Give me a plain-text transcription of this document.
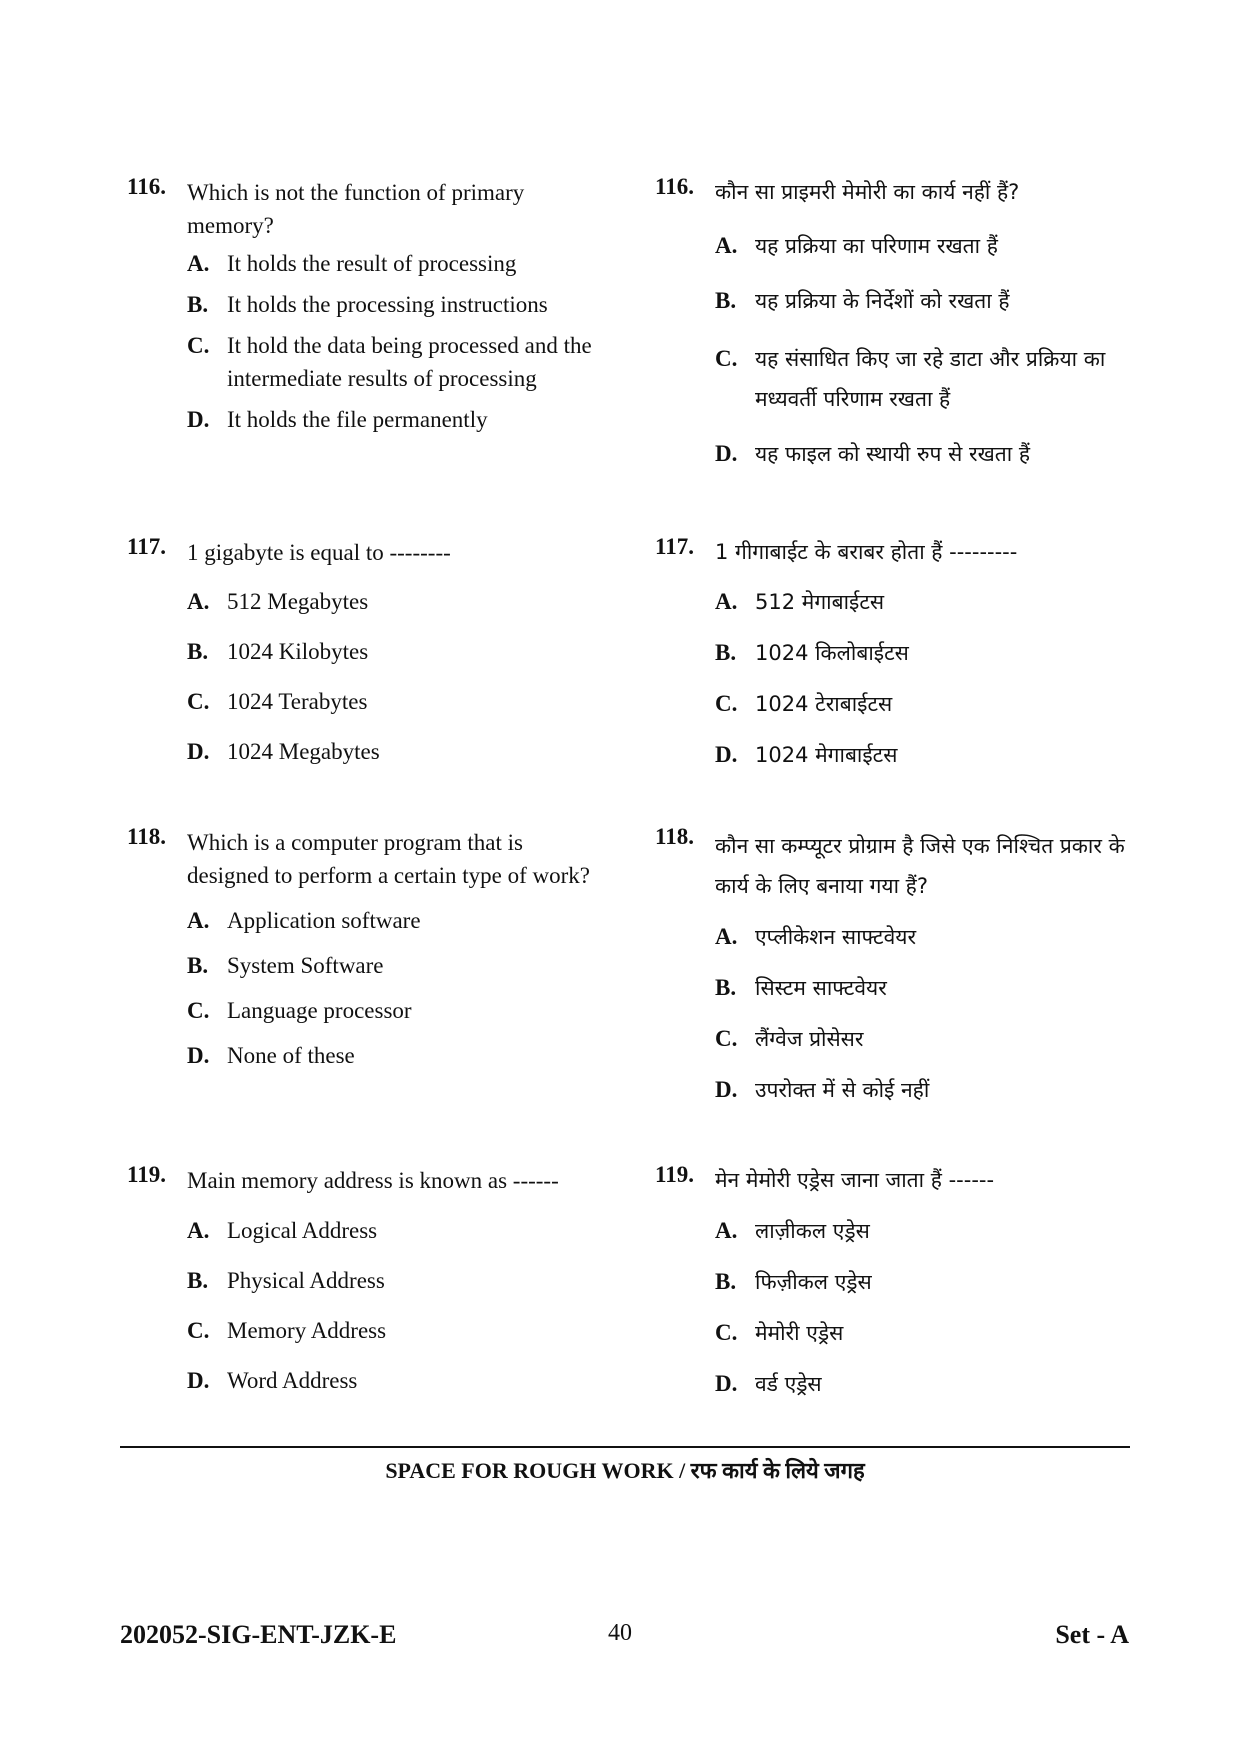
116. Which is not the function of primary memory?
A. It holds the result of processing
B. It holds the processing instructions
C. It hold the data being processed and the intermediate results of processing
D. It holds the file permanently
117. 1 gigabyte is equal to --------
A. 512 Megabytes
B. 1024 Kilobytes
C. 1024 Terabytes
D. 1024 Megabytes
118. Which is a computer program that is designed to perform a certain type of work?
A. Application software
B. System Software
C. Language processor
D. None of these
119. Main memory address is known as ------
A. Logical Address
B. Physical Address
C. Memory Address
D. Word Address
116. कौन सा प्राइमरी मेमोरी का कार्य नहीं हैं?
A. यह प्रक्रिया का परिणाम रखता हैं
B. यह प्रक्रिया के निर्देशों को रखता हैं
C. यह संसाधित किए जा रहे डाटा और प्रक्रिया का मध्यवर्ती परिणाम रखता हैं
D. यह फाइल को स्थायी रुप से रखता हैं
117. 1 गीगाबाईट के बराबर होता हैं ---------
A. 512 मेगाबाईटस
B. 1024 किलोबाईटस
C. 1024 टेराबाईटस
D. 1024 मेगाबाईटस
118. कौन सा कम्प्यूटर प्रोग्राम है जिसे एक निश्चित प्रकार के कार्य के लिए बनाया गया हैं?
A. एप्लीकेशन साफ्टवेयर
B. सिस्टम साफ्टवेयर
C. लैंग्वेज प्रोसेसर
D. उपरोक्त में से कोई नहीं
119. मेन मेमोरी एड्रेस जाना जाता हैं ------
A. लाज़ीकल एड्रेस
B. फिज़ीकल एड्रेस
C. मेमोरी एड्रेस
D. वर्ड एड्रेस
SPACE FOR ROUGH WORK / रफ कार्य के लिये जगह
202052-SIG-ENT-JZK-E	40	Set - A
